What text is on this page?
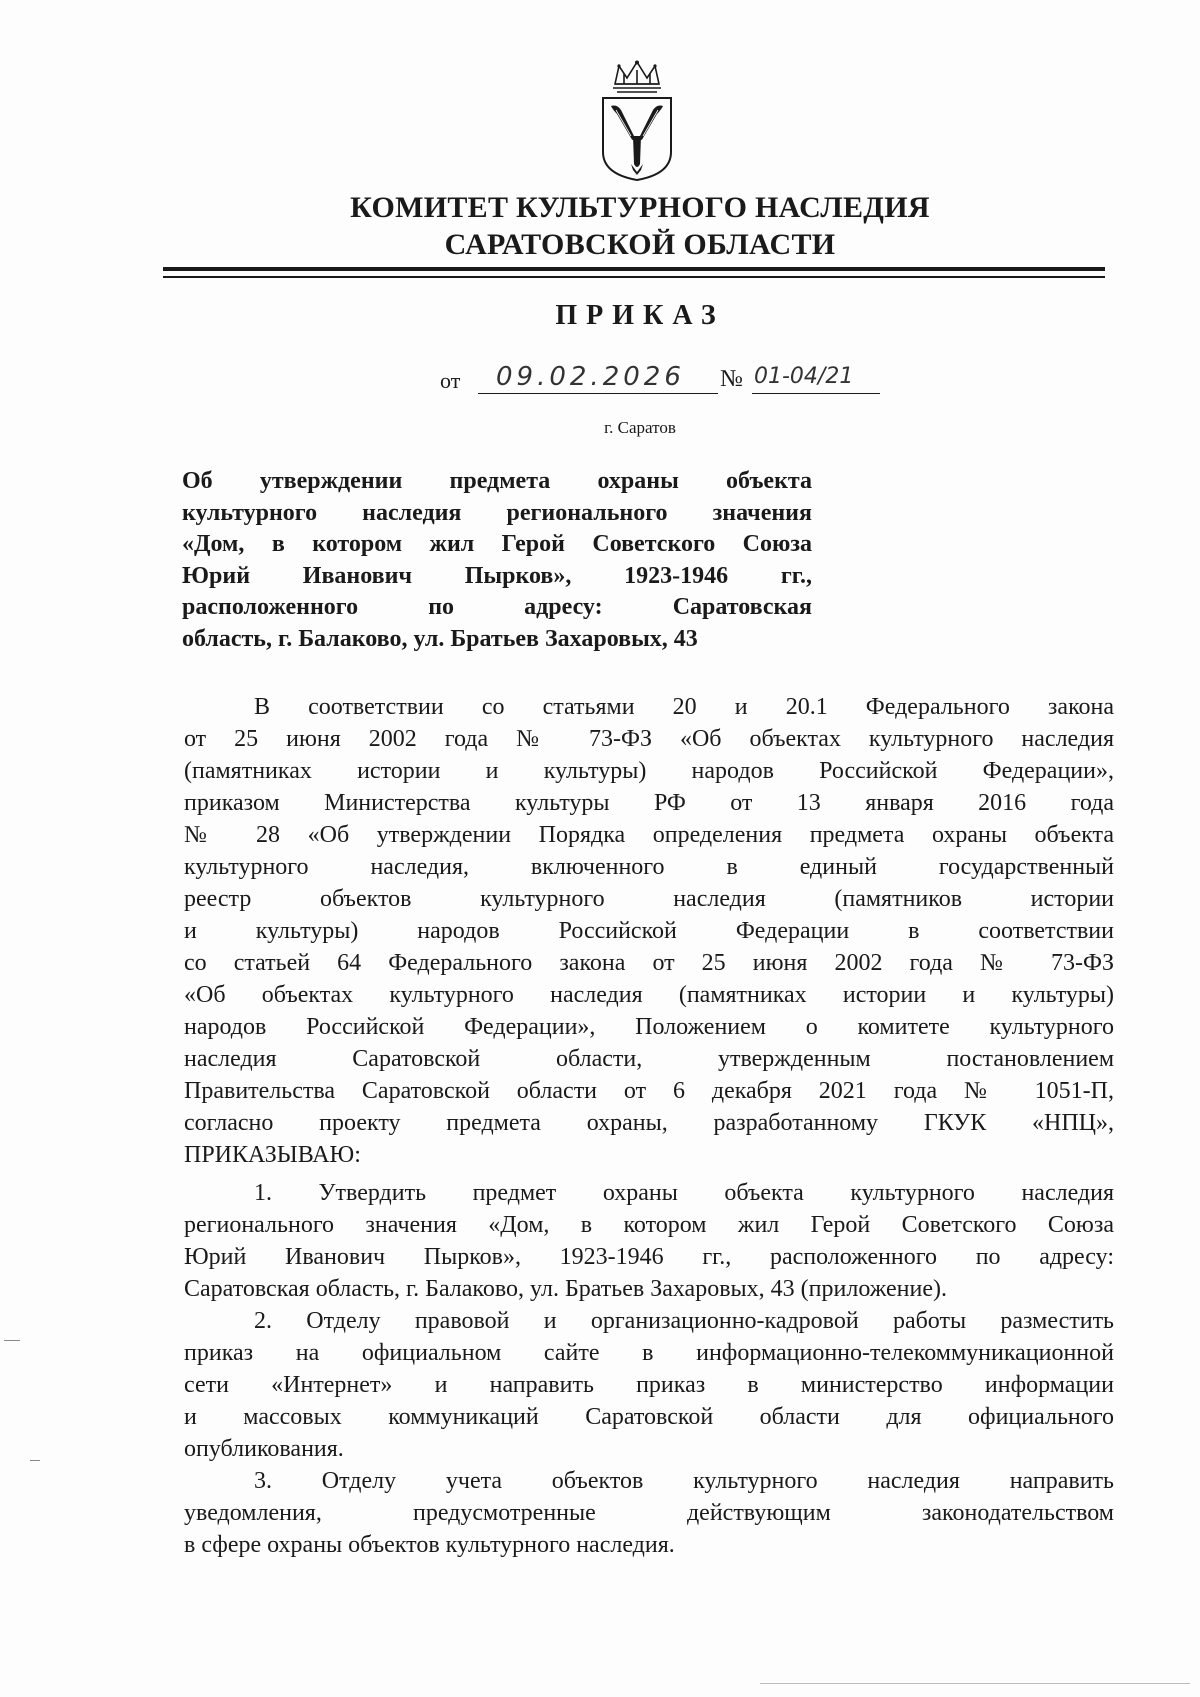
КОМИТЕТ КУЛЬТУРНОГО НАСЛЕДИЯ
САРАТОВСКОЙ ОБЛАСТИ
ПРИКАЗ
от	09.02.2026	№ 01-04/21
г. Саратов
Об утверждении предмета охраны объекта
культурного наследия регионального значения
«Дом, в котором жил Герой Советского Союза
Юрий Иванович Пырков», 1923-1946 гг.,
расположенного по адресу: Саратовская
область, г. Балаково, ул. Братьев Захаровых, 43
В соответствии со статьями 20 и 20.1 Федерального закона
от 25 июня 2002 года № 73-ФЗ «Об объектах культурного наследия
(памятниках истории и культуры) народов Российской Федерации»,
приказом Министерства культуры РФ от 13 января 2016 года
№ 28 «Об утверждении Порядка определения предмета охраны объекта
культурного наследия, включенного в единый государственный
реестр объектов культурного наследия (памятников истории
и культуры) народов Российской Федерации в соответствии
со статьей 64 Федерального закона от 25 июня 2002 года № 73-ФЗ
«Об объектах культурного наследия (памятниках истории и культуры)
народов Российской Федерации», Положением о комитете культурного
наследия Саратовской области, утвержденным постановлением
Правительства Саратовской области от 6 декабря 2021 года № 1051-П,
согласно проекту предмета охраны, разработанному ГКУК «НПЦ»,
ПРИКАЗЫВАЮ:
1. Утвердить предмет охраны объекта культурного наследия
регионального значения «Дом, в котором жил Герой Советского Союза
Юрий Иванович Пырков», 1923-1946 гг., расположенного по адресу:
Саратовская область, г. Балаково, ул. Братьев Захаровых, 43 (приложение).
2. Отделу правовой и организационно-кадровой работы разместить
приказ на официальном сайте в информационно-телекоммуникационной
сети «Интернет» и направить приказ в министерство информации
и массовых коммуникаций Саратовской области для официального
опубликования.
3. Отделу учета объектов культурного наследия направить
уведомления, предусмотренные действующим законодательством
в сфере охраны объектов культурного наследия.
